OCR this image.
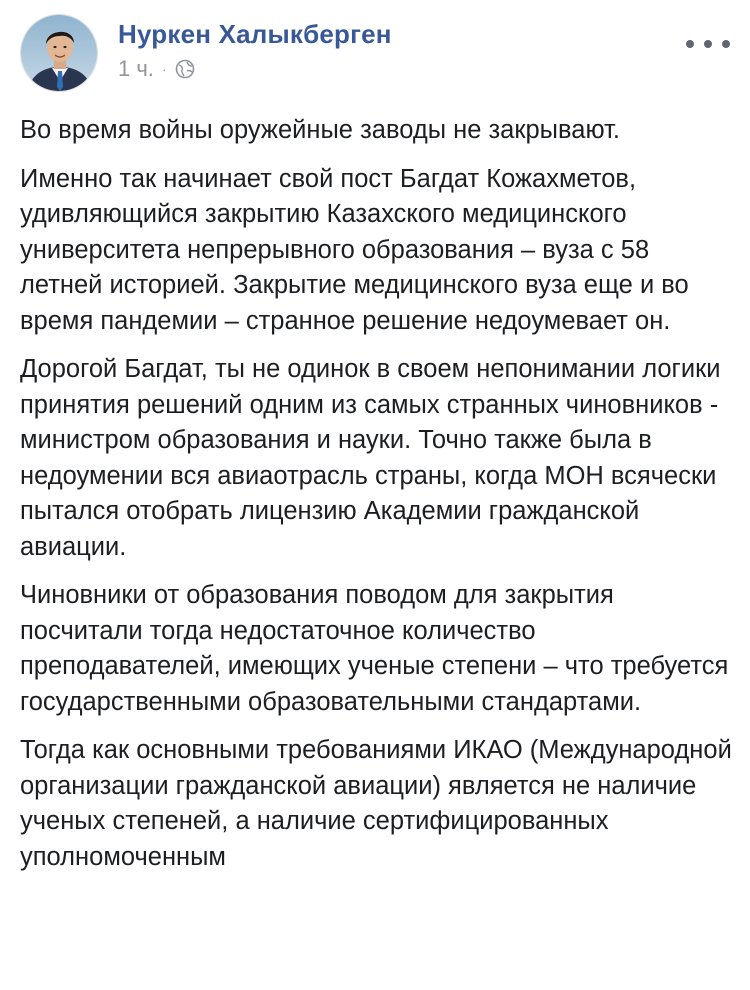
Нуркен Халыкберген
1 ч. ·

Во время войны оружейные заводы не закрывают.

Именно так начинает свой пост Багдат Кожахметов, удивляющийся закрытию Казахского медицинского университета непрерывного образования – вуза с 58 летней историей. Закрытие медицинского вуза еще и во время пандемии – странное решение недоумевает он.

Дорогой Багдат, ты не одинок в своем непонимании логики принятия решений одним из самых странных чиновников - министром образования и науки. Точно также была в недоумении вся авиаотрасль страны, когда МОН всячески пытался отобрать лицензию Академии гражданской авиации.

Чиновники от образования поводом для закрытия посчитали тогда недостаточное количество преподавателей, имеющих ученые степени – что требуется государственными образовательными стандартами.

Тогда как основными требованиями ИКАО (Международной организации гражданской авиации) является не наличие ученых степеней, а наличие сертифицированных уполномоченным
